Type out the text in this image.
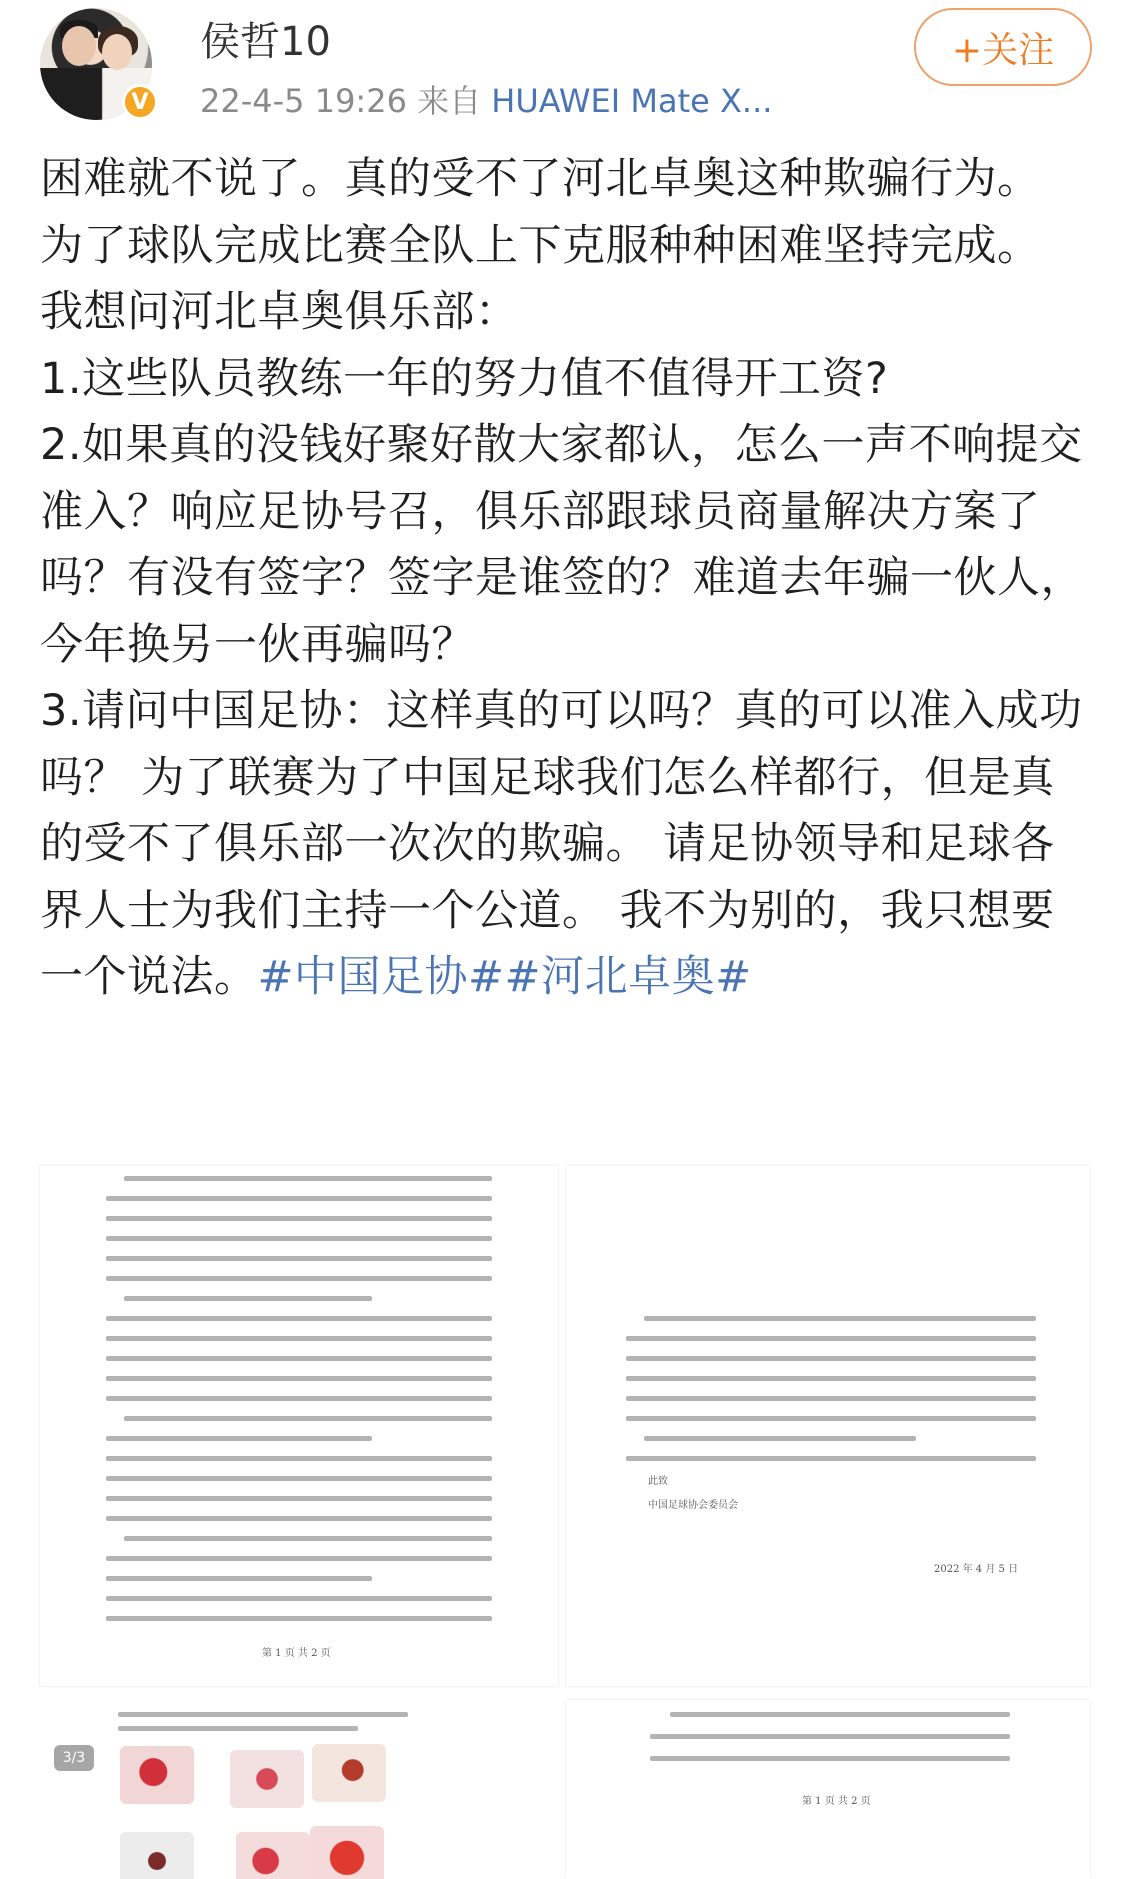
V
侯哲10
22-4-5 19:26 来自 HUAWEI Mate X...
+关注

困难就不说了。真的受不了河北卓奥这种欺骗行为。

为了球队完成比赛全队上下克服种种困难坚持完成。

我想问河北卓奥俱乐部：

1.这些队员教练一年的努力值不值得开工资?

2.如果真的没钱好聚好散大家都认，怎么一声不响提交准入？响应足协号召，俱乐部跟球员商量解决方案了吗？有没有签字？签字是谁签的？难道去年骗一伙人，今年换另一伙再骗吗？

3.请问中国足协：这样真的可以吗？真的可以准入成功吗？ 为了联赛为了中国足球我们怎么样都行，但是真的受不了俱乐部一次次的欺骗。 请足协领导和足球各界人士为我们主持一个公道。 我不为别的，我只想要一个说法。#中国足协##河北卓奥#

第 1 页 共 2 页
此致
中国足球协会委员会
2022 年 4 月 5 日
第 1 页 共 2 页
3/3
